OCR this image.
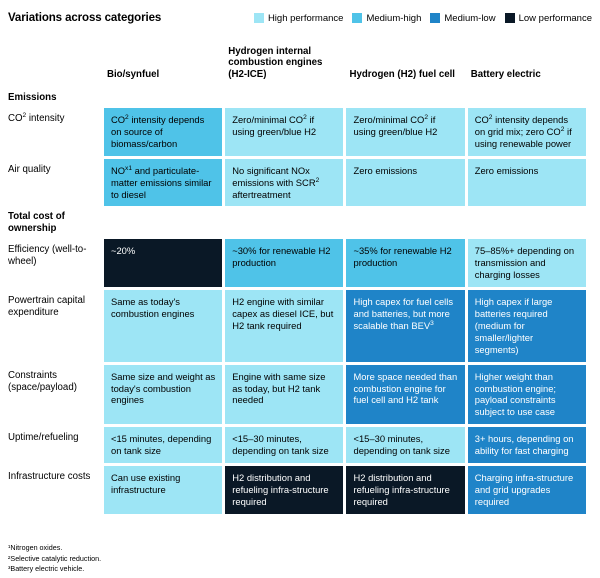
Variations across categories	High performance Medium-high Medium-low Low performance
	Bio/synfuel	Hydrogen internal combustion engines (H2-ICE)	Hydrogen (H2) fuel cell	Battery electric
Emissions				
$CO^2$ intensity	$CO^2$ intensity depends on source of biomass/carbon	Zero/minimal $CO^2$ if using green/blue H2	Zero/minimal $CO^2$ if using green/blue H2	$CO^2$ intensity depends on grid mix; zero $CO^2$ if using renewable power
Air quality	$NO^{x1}$ and particulate-matter emissions similar to diesel	No significant NOx emissions with SCR$^2$ aftertreatment	Zero emissions	Zero emissions
Total cost of ownership				
Efficiency (well-to-wheel)	~20%	~30% for renewable H2 production	~35% for renewable H2 production	75–85%+ depending on transmission and charging losses
Powertrain capital expenditure	Same as today's combustion engines	H2 engine with similar capex as diesel ICE, but H2 tank required	High capex for fuel cells and batteries, but more scalable than BEV$^3$	High capex if large batteries required (medium for smaller/lighter segments)
Constraints (space/payload)	Same size and weight as today's combustion engines	Engine with same size as today, but H2 tank needed	More space needed than combustion engine for fuel cell and H2 tank	Higher weight than combustion engine; payload constraints subject to use case
Uptime/refueling	<15 minutes, depending on tank size	<15–30 minutes, depending on tank size	<15–30 minutes, depending on tank size	3+ hours, depending on ability for fast charging
Infrastructure costs	Can use existing infrastructure	H2 distribution and refueling infra-structure required	H2 distribution and refueling infra-structure required	Charging infra-structure and grid upgrades required
¹Nitrogen oxides.
²Selective catalytic reduction.
³Battery electric vehicle.
